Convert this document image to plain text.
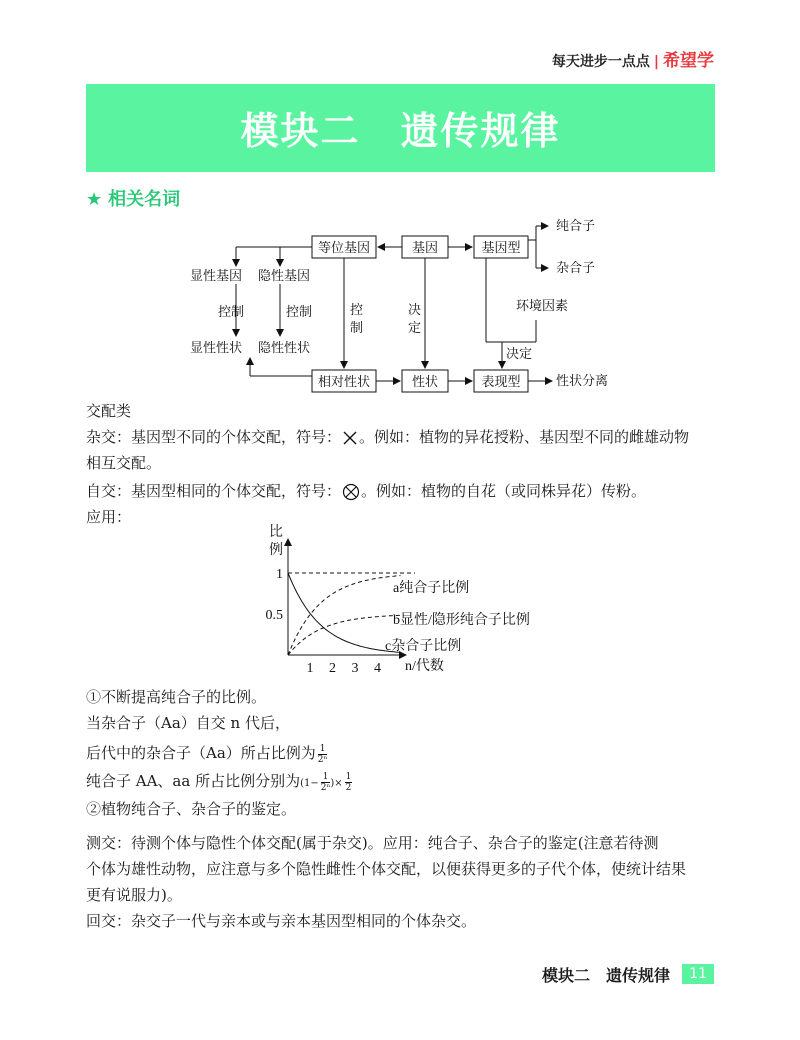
每天进步一点点 | 希望学
模块二 遗传规律
★ 相关名词
等位基因	基因	基因型
相对性状	性状	表现型
纯合子
杂合子
显性基因 隐性基因
控制	控制
显性性状 隐性性状
控
制
决
定
环境因素
决定
性状分离
交配类
杂交：基因型不同的个体交配，符号： 。例如：植物的异花授粉、基因型不同的雌雄动物
相互交配。
自交：基因型相同的个体交配，符号： 。例如：植物的自花（或同株异花）传粉。
应用：
比
例
a纯合子比例
b显性/隐形纯合子比例
c杂合子比例
1 2 3 4
1
0.5
n/代数
①不断提高纯合子的比例。
当杂合子（Aa）自交 n 代后，
后代中的杂合子（Aa）所占比例为 $\frac{1}{\text{2ⁿ}}$
纯合子 AA、aa 所占比例分别为($1- \frac{1}{\text{2ⁿ}}$ )× $\frac{1}{2}$
②植物纯合子、杂合子的鉴定。
测交：待测个体与隐性个体交配(属于杂交)。应用：纯合子、杂合子的鉴定(注意若待测
个体为雄性动物，应注意与多个隐性雌性个体交配，以便获得更多的子代个体，使统计结果
更有说服力)。
回交：杂交子一代与亲本或与亲本基因型相同的个体杂交。
模块二　遗传规律	11
